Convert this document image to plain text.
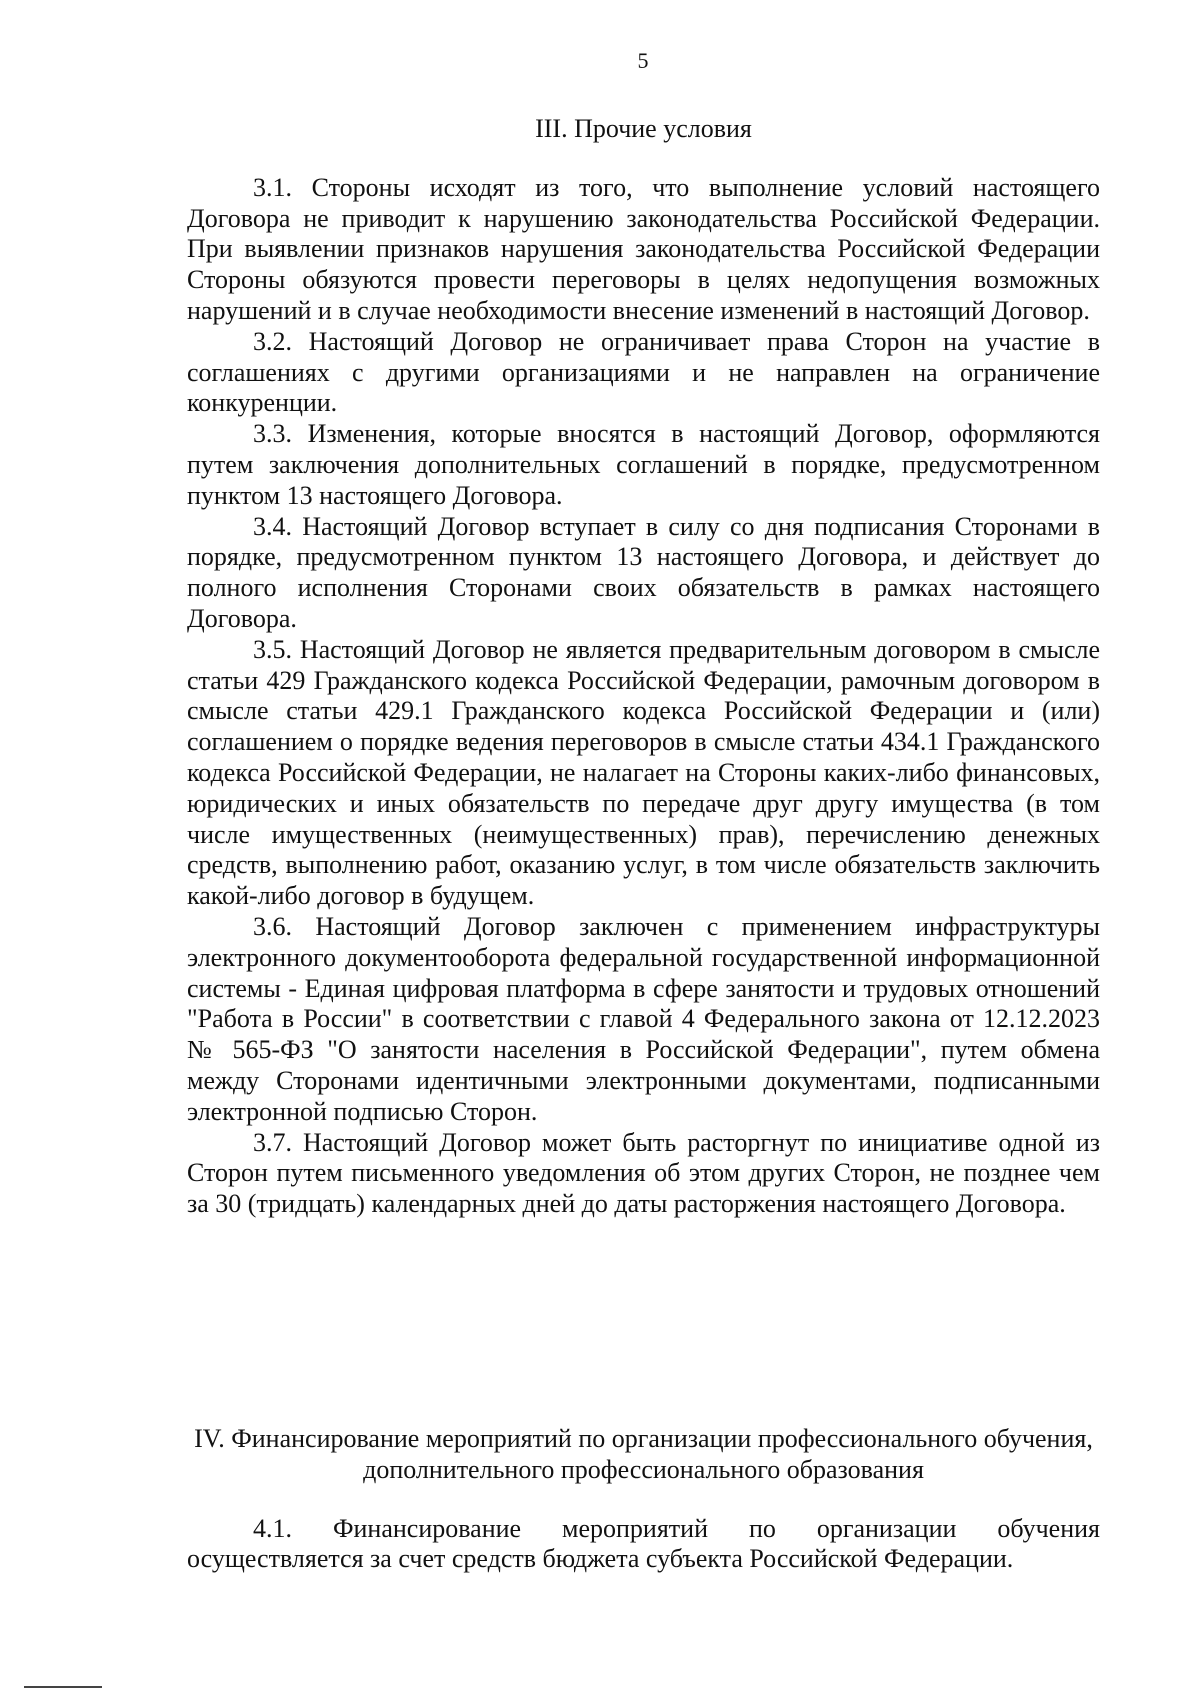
5
III. Прочие условия

3.1. Стороны исходят из того, что выполнение условий настоящего Договора не приводит к нарушению законодательства Российской Федерации. При выявлении признаков нарушения законодательства Российской Федерации Стороны обязуются провести переговоры в целях недопущения возможных нарушений и в случае необходимости внесение изменений в настоящий Договор.

3.2. Настоящий Договор не ограничивает права Сторон на участие в соглашениях с другими организациями и не направлен на ограничение конкуренции.

3.3. Изменения, которые вносятся в настоящий Договор, оформляются путем заключения дополнительных соглашений в порядке, предусмотренном пунктом 13 настоящего Договора.

3.4. Настоящий Договор вступает в силу со дня подписания Сторонами в порядке, предусмотренном пунктом 13 настоящего Договора, и действует до полного исполнения Сторонами своих обязательств в рамках настоящего Договора.

3.5. Настоящий Договор не является предварительным договором в смысле статьи 429 Гражданского кодекса Российской Федерации, рамочным договором в смысле статьи 429.1 Гражданского кодекса Российской Федерации и (или) соглашением о порядке ведения переговоров в смысле статьи 434.1 Гражданского кодекса Российской Федерации, не налагает на Стороны каких-либо финансовых, юридических и иных обязательств по передаче друг другу имущества (в том числе имущественных (неимущественных) прав), перечислению денежных средств, выполнению работ, оказанию услуг, в том числе обязательств заключить какой-либо договор в будущем.

3.6. Настоящий Договор заключен с применением инфраструктуры электронного документооборота федеральной государственной информационной системы - Единая цифровая платформа в сфере занятости и трудовых отношений "Работа в России" в соответствии с главой 4 Федерального закона от 12.12.2023 № 565-ФЗ "О занятости населения в Российской Федерации", путем обмена между Сторонами идентичными электронными документами, подписанными электронной подписью Сторон.

3.7. Настоящий Договор может быть расторгнут по инициативе одной из Сторон путем письменного уведомления об этом других Сторон, не позднее чем за 30 (тридцать) календарных дней до даты расторжения настоящего Договора.

IV. Финансирование мероприятий по организации профессионального обучения, дополнительного профессионального образования

4.1. Финансирование мероприятий по организации обучения осуществляется за счет средств бюджета субъекта Российской Федерации.
